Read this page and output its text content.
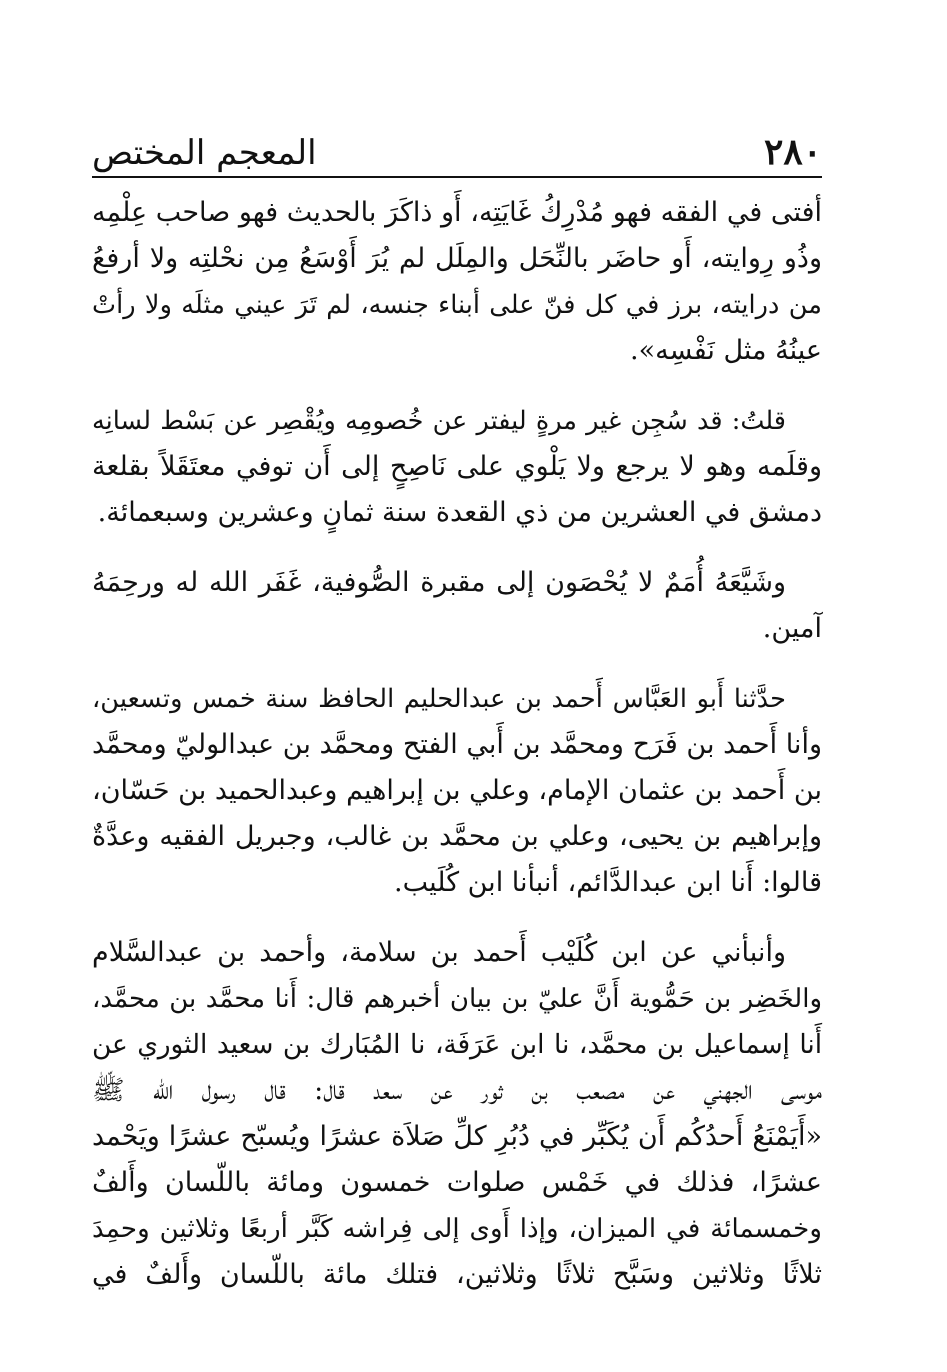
٢٨٠
المعجم المختص

أفتى في الفقه فهو مُدْرِكُ غَايَتِه، أَو ذاكَرَ بالحديث فهو صاحب عِلْمِه
وذُو رِوايته، أَو حاضَر بالنِّحَل والمِلَل لم يُرَ أَوْسَعُ مِن نحْلتِه ولا أرفعُ
من درايته، برز في كل فنّ على أبناء جنسه، لم تَرَ عيني مثلَه ولا رأتْ
عينُهُ مثل نَفْسِه».

قلتُ: قد سُجِن غير مرةٍ ليفتر عن خُصومِه ويُقْصِر عن بَسْط لسانِه
وقلَمه وهو لا يرجع ولا يَلْوي على نَاصِحٍ إلى أَن توفي معتَقَلاً بقلعة
دمشق في العشرين من ذي القعدة سنة ثمانٍ وعشرين وسبعمائة.

وشَيَّعَهُ أُمَمٌ لا يُحْصَون إلى مقبرة الصُّوفية، غَفَر الله له ورحِمَهُ
آمين.

حدَّثنا أَبو العَبَّاس أَحمد بن عبدالحليم الحافظ سنة خمس وتسعين،
وأنا أَحمد بن فَرَح ومحمَّد بن أَبي الفتح ومحمَّد بن عبدالوليّ ومحمَّد
بن أَحمد بن عثمان الإمام، وعلي بن إبراهيم وعبدالحميد بن حَسّان،
وإبراهيم بن يحيى، وعلي بن محمَّد بن غالب، وجبريل الفقيه وعدَّةٌ
قالوا: أَنا ابن عبدالدَّائم، أنبأنا ابن كُلَيب.

وأنبأني عن ابن كُلَيْب أَحمد بن سلامة، وأحمد بن عبدالسَّلام
والخَضِر بن حَمُّوية أَنَّ عليّ بن بيان أخبرهم قال: أَنا محمَّد بن محمَّد،
أَنا إسماعيل بن محمَّد، نا ابن عَرَفَة، نا المُبَارك بن سعيد الثوري عن
موسى الجهني عن مصعب بن ثور عن سعد قال: قال رسول الله ﷺ
«أَيَمْنَعُ أَحدُكُم أَن يُكَبِّر في دُبُرِ كلِّ صَلاَة عشرًا ويُسبّح عشرًا ويَحْمد
عشرًا، فذلك في خَمْس صلوات خمسون ومائة باللّسان وأَلفٌ
وخمسمائة في الميزان، وإذا أَوى إلى فِراشه كَبَّر أربعًا وثلاثين وحمِدَ
ثلاثًا وثلاثين وسَبَّح ثلاثًا وثلاثين، فتلك مائة باللّسان وأَلفٌ في
